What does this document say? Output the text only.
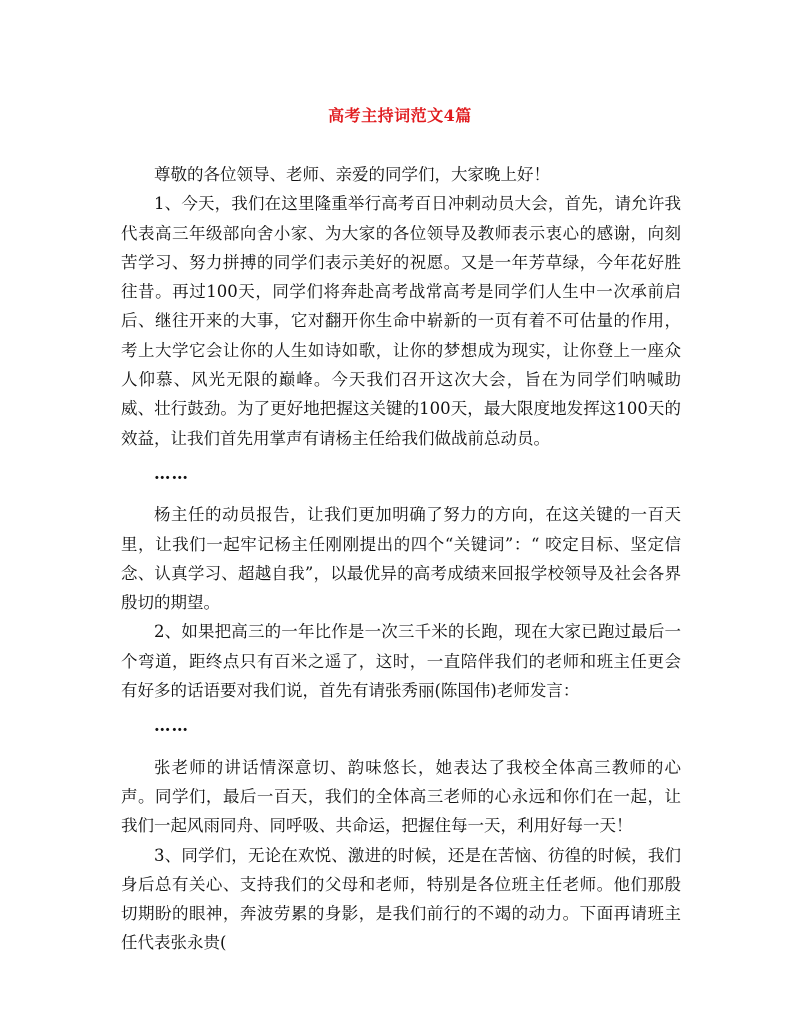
高考主持词范文4篇

尊敬的各位领导、老师、亲爱的同学们，大家晚上好！

1、今天，我们在这里隆重举行高考百日冲刺动员大会，首先，请允许我代表高三年级部向舍小家、为大家的各位领导及教师表示衷心的感谢，向刻苦学习、努力拼搏的同学们表示美好的祝愿。又是一年芳草绿，今年花好胜往昔。再过100天，同学们将奔赴高考战常高考是同学们人生中一次承前启后、继往开来的大事，它对翻开你生命中崭新的一页有着不可估量的作用，考上大学它会让你的人生如诗如歌，让你的梦想成为现实，让你登上一座众人仰慕、风光无限的巅峰。今天我们召开这次大会，旨在为同学们呐喊助威、壮行鼓劲。为了更好地把握这关键的100天，最大限度地发挥这100天的效益，让我们首先用掌声有请杨主任给我们做战前总动员。

……

杨主任的动员报告，让我们更加明确了努力的方向，在这关键的一百天里，让我们一起牢记杨主任刚刚提出的四个“关键词”：“ 咬定目标、坚定信念、认真学习、超越自我”，以最优异的高考成绩来回报学校领导及社会各界殷切的期望。

2、如果把高三的一年比作是一次三千米的长跑，现在大家已跑过最后一个弯道，距终点只有百米之遥了，这时，一直陪伴我们的老师和班主任更会有好多的话语要对我们说，首先有请张秀丽(陈国伟)老师发言：

……

张老师的讲话情深意切、韵味悠长，她表达了我校全体高三教师的心声。同学们，最后一百天，我们的全体高三老师的心永远和你们在一起，让我们一起风雨同舟、同呼吸、共命运，把握住每一天，利用好每一天！

3、同学们，无论在欢悦、激进的时候，还是在苦恼、彷徨的时候，我们身后总有关心、支持我们的父母和老师，特别是各位班主任老师。他们那殷切期盼的眼神，奔波劳累的身影，是我们前行的不竭的动力。下面再请班主任代表张永贵(
